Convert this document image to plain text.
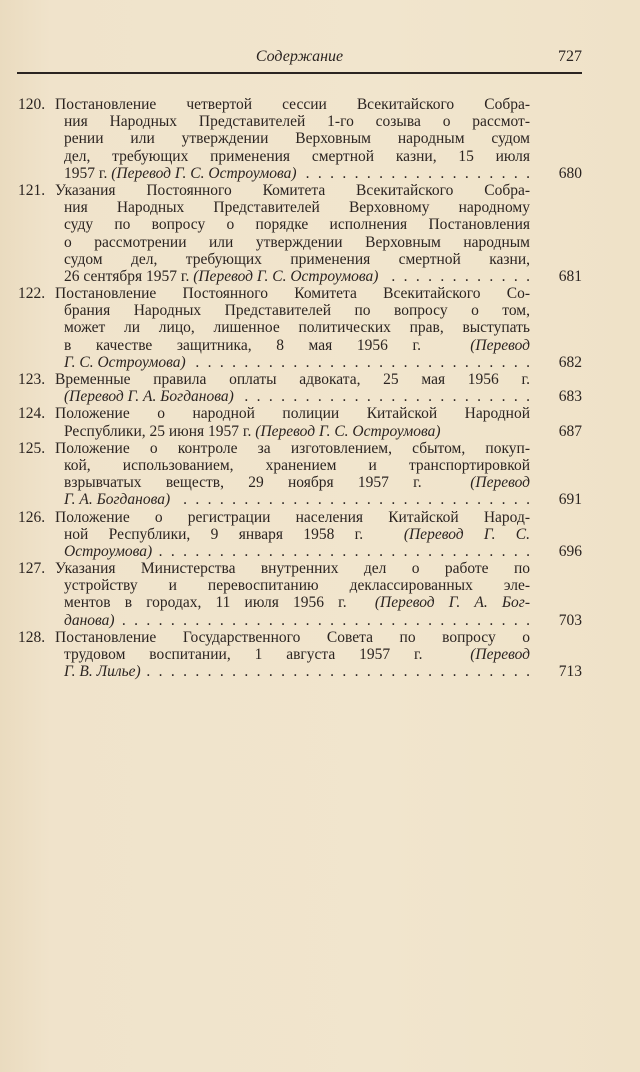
Содержание	727
120. Постановление четвертой сессии Всекитайского Собра-
ния Народных Представителей 1-го созыва о рассмот-
рении или утверждении Верховным народным судом
дел, требующих применения смертной казни, 15 июля
1957 г. (Перевод Г. С. Остроумова) . . .	680
121. Указания Постоянного Комитета Всекитайского Собра-
ния Народных Представителей Верховному народному
суду по вопросу о порядке исполнения Постановления
о рассмотрении или утверждении Верховным народным
судом дел, требующих применения смертной казни,
26 сентября 1957 г. (Перевод Г. С. Остроумова) . . .	681
122. Постановление Постоянного Комитета Всекитайского Со-
брания Народных Представителей по вопросу о том,
может ли лицо, лишенное политических прав, выступать
в качестве защитника, 8 мая 1956 г.  (Перевод
Г. С. Остроумова) . . .	682
123. Временные правила оплаты адвоката, 25 мая 1956 г.
(Перевод Г. А. Богданова) . . .	683
124. Положение о народной полиции Китайской Народной
Республики, 25 июня 1957 г. (Перевод Г. С. Остроумова)	687
125. Положение о контроле за изготовлением, сбытом, покуп-
кой, использованием, хранением и транспортировкой
взрывчатых веществ, 29 ноября 1957 г.  (Перевод
Г. А. Богданова) . . .	691
126. Положение о регистрации населения Китайской Народ-
ной Республики, 9 января 1958 г.  (Перевод Г. С.
Остроумова) . . .	696
127. Указания Министерства внутренних дел о работе по
устройству и перевоспитанию деклассированных эле-
ментов в городах, 11 июля 1956 г.  (Перевод Г. А. Бог-
данова) . . .	703
128. Постановление Государственного Совета по вопросу о
трудовом воспитании, 1 августа 1957 г.  (Перевод
Г. В. Лилье) . . .	713
